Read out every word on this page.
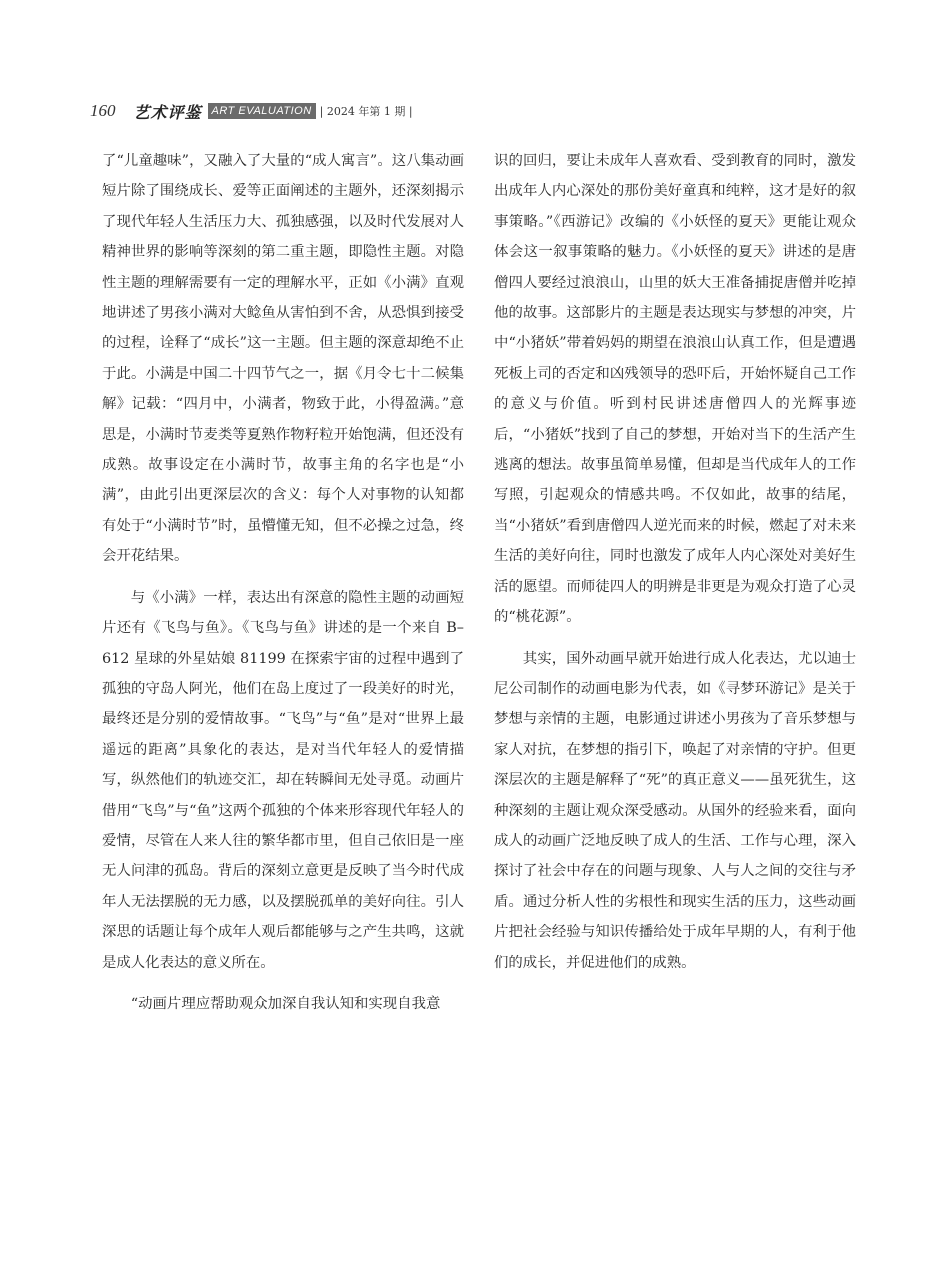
160 艺术评鉴 ART EVALUATION | 2024 年第 1 期 |

了“儿童趣味”，又融入了大量的“成人寓言”。这八集动画短片除了围绕成长、爱等正面阐述的主题外，还深刻揭示了现代年轻人生活压力大、孤独感强，以及时代发展对人精神世界的影响等深刻的第二重主题，即隐性主题。对隐性主题的理解需要有一定的理解水平，正如《小满》直观地讲述了男孩小满对大鲶鱼从害怕到不舍，从恐惧到接受的过程，诠释了“成长”这一主题。但主题的深意却绝不止于此。小满是中国二十四节气之一，据《月令七十二候集解》记载：“四月中，小满者，物致于此，小得盈满。”意思是，小满时节麦类等夏熟作物籽粒开始饱满，但还没有成熟。故事设定在小满时节，故事主角的名字也是“小满”，由此引出更深层次的含义：每个人对事物的认知都有处于“小满时节”时，虽懵懂无知，但不必操之过急，终会开花结果。

与《小满》一样，表达出有深意的隐性主题的动画短片还有《飞鸟与鱼》。《飞鸟与鱼》讲述的是一个来自 B–612 星球的外星姑娘 81199 在探索宇宙的过程中遇到了孤独的守岛人阿光，他们在岛上度过了一段美好的时光，最终还是分别的爱情故事。“飞鸟”与“鱼”是对“世界上最遥远的距离”具象化的表达，是对当代年轻人的爱情描写，纵然他们的轨迹交汇，却在转瞬间无处寻觅。动画片借用“飞鸟”与“鱼”这两个孤独的个体来形容现代年轻人的爱情，尽管在人来人往的繁华都市里，但自己依旧是一座无人问津的孤岛。背后的深刻立意更是反映了当今时代成年人无法摆脱的无力感，以及摆脱孤单的美好向往。引人深思的话题让每个成年人观后都能够与之产生共鸣，这就是成人化表达的意义所在。

“动画片理应帮助观众加深自我认知和实现自我意

识的回归，要让未成年人喜欢看、受到教育的同时，激发出成年人内心深处的那份美好童真和纯粹，这才是好的叙事策略。”《西游记》改编的《小妖怪的夏天》更能让观众体会这一叙事策略的魅力。《小妖怪的夏天》讲述的是唐僧四人要经过浪浪山，山里的妖大王准备捕捉唐僧并吃掉他的故事。这部影片的主题是表达现实与梦想的冲突，片中“小猪妖”带着妈妈的期望在浪浪山认真工作，但是遭遇死板上司的否定和凶残领导的恐吓后，开始怀疑自己工作的意义与价值。听到村民讲述唐僧四人的光辉事迹后，“小猪妖”找到了自己的梦想，开始对当下的生活产生逃离的想法。故事虽简单易懂，但却是当代成年人的工作写照，引起观众的情感共鸣。不仅如此，故事的结尾，当“小猪妖”看到唐僧四人逆光而来的时候，燃起了对未来生活的美好向往，同时也激发了成年人内心深处对美好生活的愿望。而师徒四人的明辨是非更是为观众打造了心灵的“桃花源”。

其实，国外动画早就开始进行成人化表达，尤以迪士尼公司制作的动画电影为代表，如《寻梦环游记》是关于梦想与亲情的主题，电影通过讲述小男孩为了音乐梦想与家人对抗，在梦想的指引下，唤起了对亲情的守护。但更深层次的主题是解释了“死”的真正意义——虽死犹生，这种深刻的主题让观众深受感动。从国外的经验来看，面向成人的动画广泛地反映了成人的生活、工作与心理，深入探讨了社会中存在的问题与现象、人与人之间的交往与矛盾。通过分析人性的劣根性和现实生活的压力，这些动画片把社会经验与知识传播给处于成年早期的人，有利于他们的成长，并促进他们的成熟。
